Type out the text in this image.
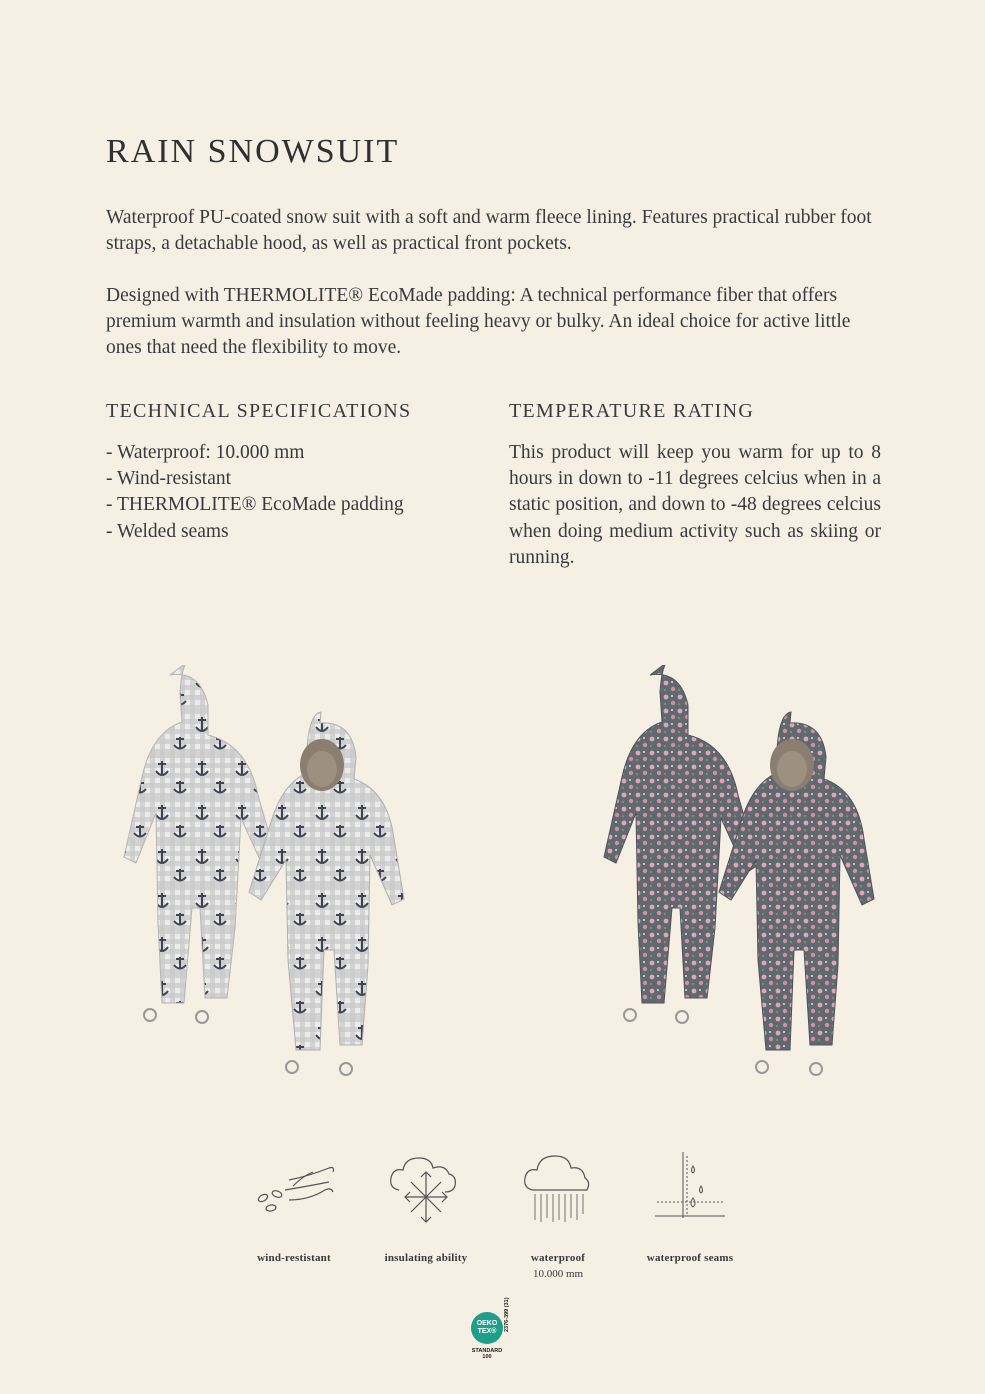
RAIN SNOWSUIT

Waterproof PU-coated snow suit with a soft and warm fleece lining. Features practical rubber foot straps, a detachable hood, as well as practical front pockets.

Designed with THERMOLITE® EcoMade padding: A technical performance fiber that offers premium warmth and insulation without feeling heavy or bulky. An ideal choice for active little ones that need the flexibility to move.

TECHNICAL SPECIFICATIONS
- Waterproof: 10.000 mm
- Wind-resistant
- THERMOLITE® EcoMade padding
- Welded seams
TEMPERATURE RATING
This product will keep you warm for up to 8 hours in down to -11 degrees celcius when in a static position, and down to -48 degrees celcius when doing medium activity such as skiing or running.
wind-restistant	insulating ability	waterproof
10.000 mm
waterproof seams
OEKO
TEX®
STANDARD
100
2376-399 (31)
